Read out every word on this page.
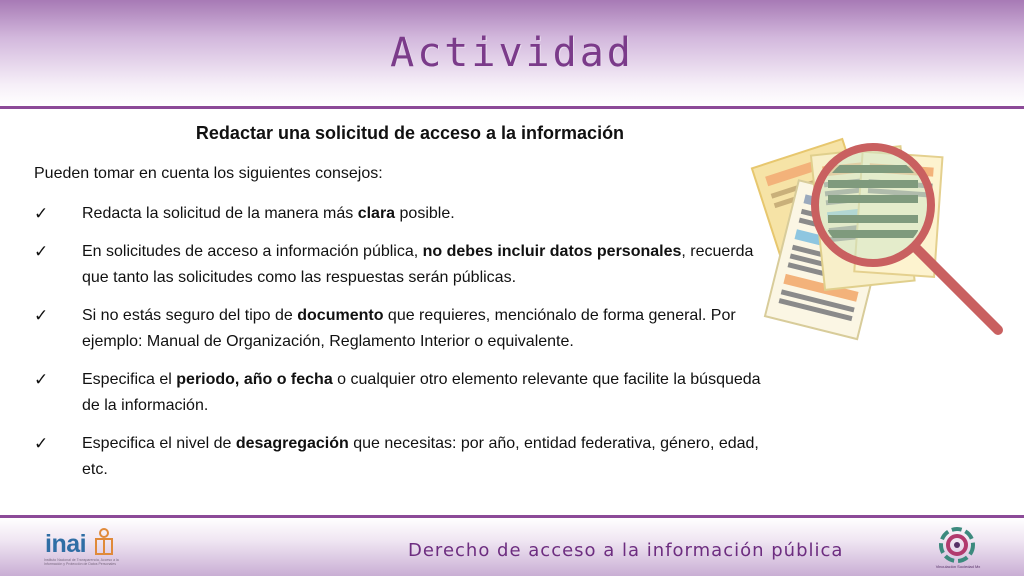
Actividad
Redactar una solicitud de acceso a la información
Pueden tomar en cuenta los siguientes consejos:
✓	Redacta la solicitud de la manera más clara posible.
✓	En solicitudes de acceso a información pública, no debes incluir datos personales, recuerda que tanto las solicitudes como las respuestas serán públicas.
✓	Si no estás seguro del tipo de documento que requieres, menciónalo de forma general. Por ejemplo: Manual de Organización, Reglamento Interior o equivalente.
✓	Especifica el periodo, año o fecha o cualquier otro elemento relevante que facilite la búsqueda de la información.
✓	Especifica el nivel de desagregación que necesitas: por año, entidad federativa, género, edad, etc.
inai
Instituto Nacional de Transparencia, Acceso a la Información y Protección de Datos Personales
Derecho de acceso a la información pública
Vinculación Sociedad Mx
